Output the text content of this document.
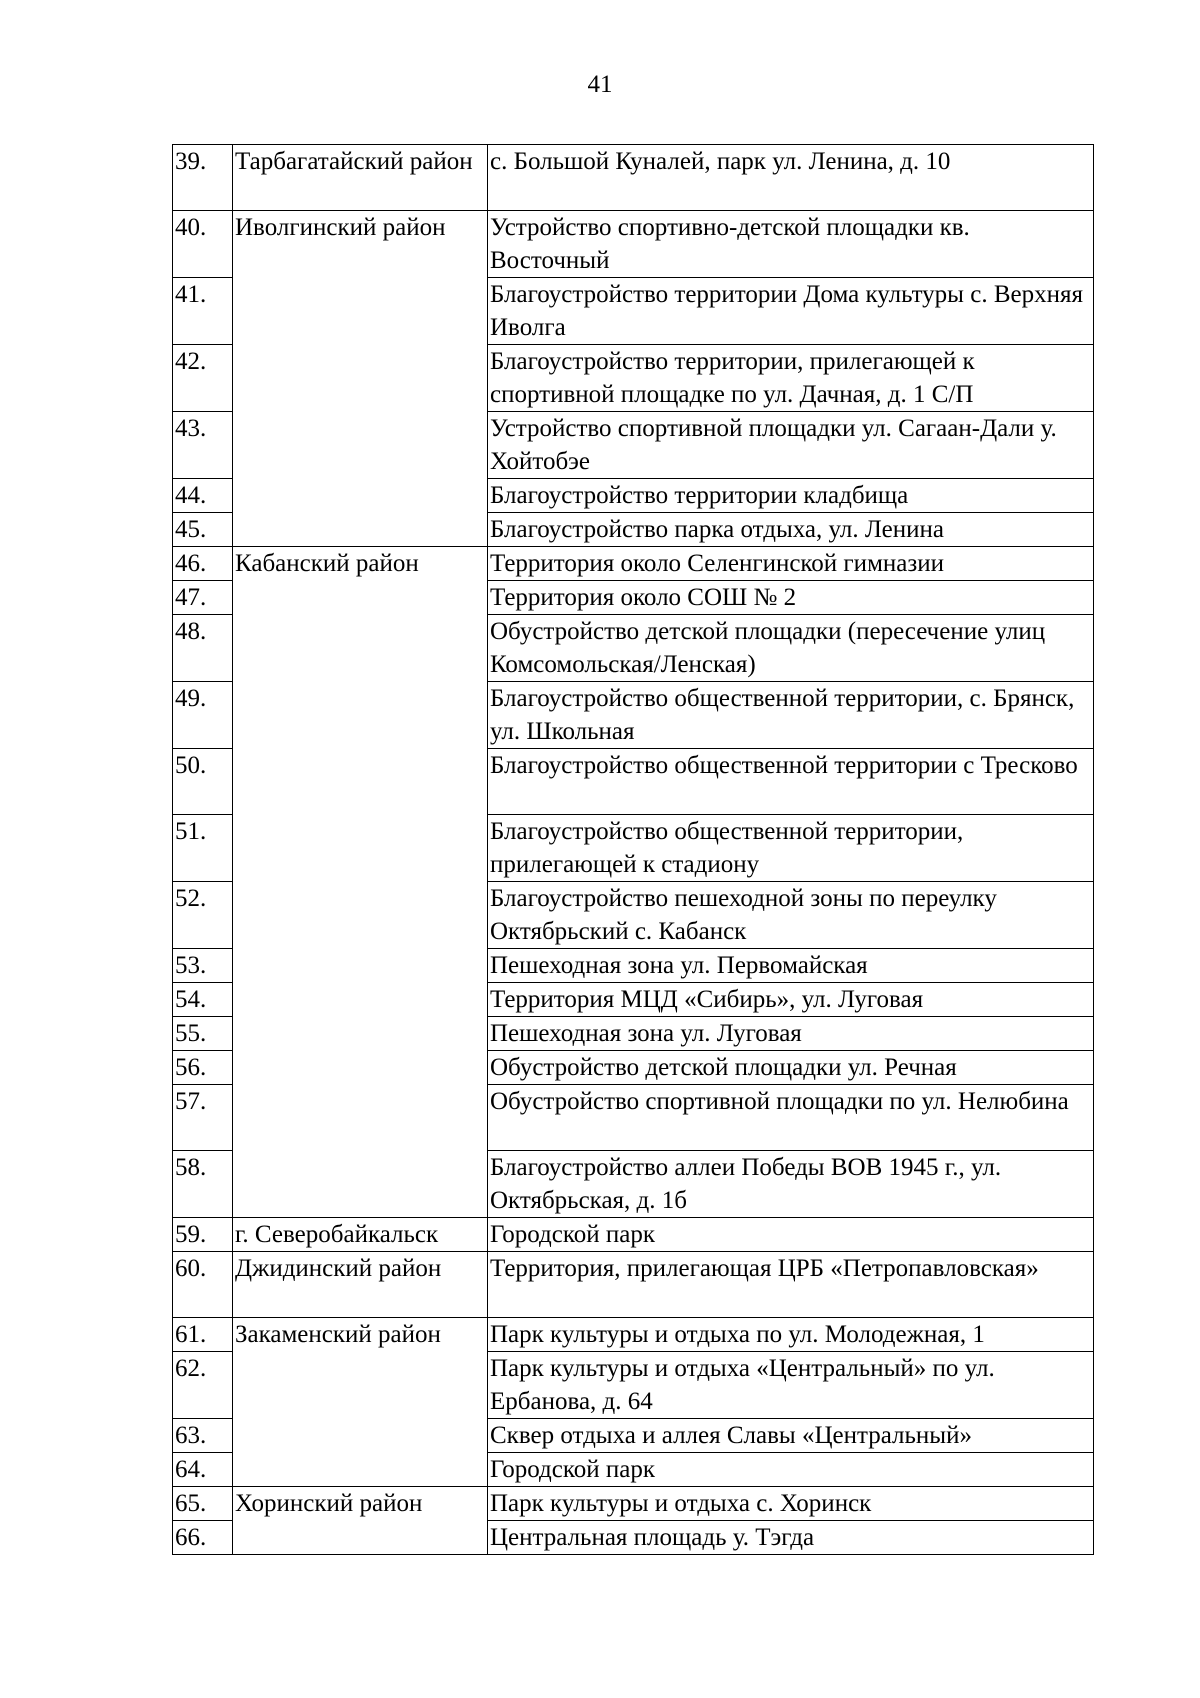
41
39.	Тарбагатайский район	с. Большой Куналей, парк ул. Ленина, д. 10
40.	Иволгинский район	Устройство спортивно-детской площадки кв. Восточный
41.		Благоустройство территории Дома культуры с. Верхняя Иволга
42.		Благоустройство территории, прилегающей к спортивной площадке по ул. Дачная, д. 1 С/П
43.		Устройство спортивной площадки ул. Сагаан-Дали у. Хойтобэе
44.		Благоустройство территории кладбища
45.		Благоустройство парка отдыха, ул. Ленина
46.	Кабанский район	Территория около Селенгинской гимназии
47.		Территория около СОШ № 2
48.		Обустройство детской площадки (пересечение улиц Комсомольская/Ленская)
49.		Благоустройство общественной территории, с. Брянск, ул. Школьная
50.		Благоустройство общественной территории с Тресково
51.		Благоустройство общественной территории, прилегающей к стадиону
52.		Благоустройство пешеходной зоны по переулку Октябрьский с. Кабанск
53.		Пешеходная зона ул. Первомайская
54.		Территория МЦД «Сибирь», ул. Луговая
55.		Пешеходная зона ул. Луговая
56.		Обустройство детской площадки ул. Речная
57.		Обустройство спортивной площадки по ул. Нелюбина
58.		Благоустройство аллеи Победы ВОВ 1945 г., ул. Октябрьская, д. 1б
59.	г. Северобайкальск	Городской парк
60.	Джидинский район	Территория, прилегающая ЦРБ «Петропавловская»
61.	Закаменский район	Парк культуры и отдыха по ул. Молодежная, 1
62.		Парк культуры и отдыха «Центральный» по ул. Ербанова, д. 64
63.		Сквер отдыха и аллея Славы «Центральный»
64.		Городской парк
65.	Хоринский район	Парк культуры и отдыха с. Хоринск
66.		Центральная площадь у. Тэгда
